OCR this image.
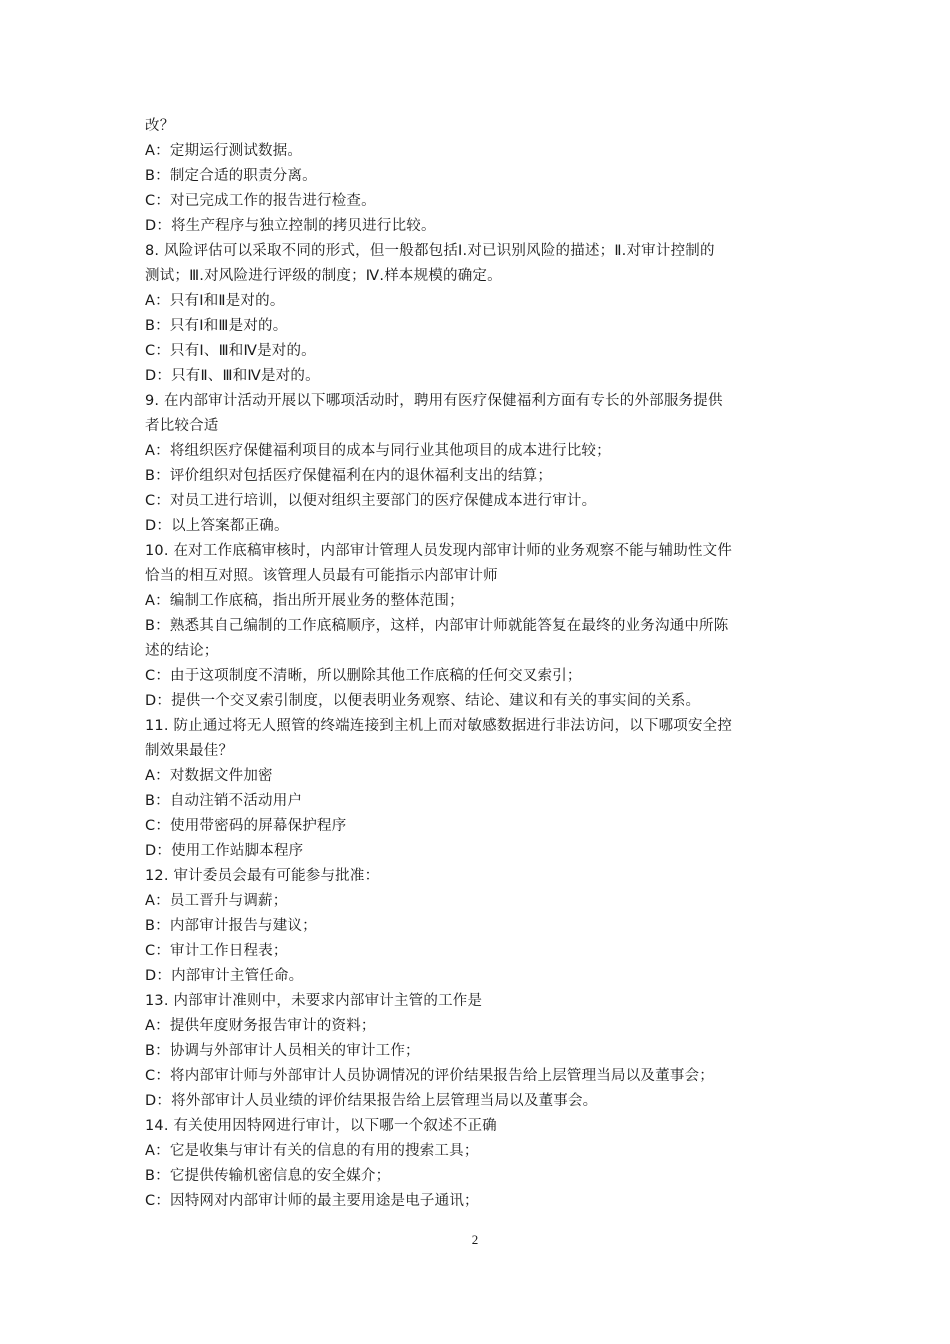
改？
A：定期运行测试数据。
B：制定合适的职责分离。
C：对已完成工作的报告进行检查。
D：将生产程序与独立控制的拷贝进行比较。
8. 风险评估可以采取不同的形式，但一般都包括Ⅰ.对已识别风险的描述；Ⅱ.对审计控制的
测试；Ⅲ.对风险进行评级的制度；Ⅳ.样本规模的确定。
A：只有Ⅰ和Ⅱ是对的。
B：只有Ⅰ和Ⅲ是对的。
C：只有Ⅰ、Ⅲ和Ⅳ是对的。
D：只有Ⅱ、Ⅲ和Ⅳ是对的。
9. 在内部审计活动开展以下哪项活动时，聘用有医疗保健福利方面有专长的外部服务提供
者比较合适
A：将组织医疗保健福利项目的成本与同行业其他项目的成本进行比较；
B：评价组织对包括医疗保健福利在内的退休福利支出的结算；
C：对员工进行培训，以便对组织主要部门的医疗保健成本进行审计。
D：以上答案都正确。
10. 在对工作底稿审核时，内部审计管理人员发现内部审计师的业务观察不能与辅助性文件
恰当的相互对照。该管理人员最有可能指示内部审计师
A：编制工作底稿，指出所开展业务的整体范围；
B：熟悉其自己编制的工作底稿顺序，这样，内部审计师就能答复在最终的业务沟通中所陈
述的结论；
C：由于这项制度不清晰，所以删除其他工作底稿的任何交叉索引；
D：提供一个交叉索引制度，以便表明业务观察、结论、建议和有关的事实间的关系。
11. 防止通过将无人照管的终端连接到主机上而对敏感数据进行非法访问，以下哪项安全控
制效果最佳？
A：对数据文件加密
B：自动注销不活动用户
C：使用带密码的屏幕保护程序
D：使用工作站脚本程序
12. 审计委员会最有可能参与批准：
A：员工晋升与调薪；
B：内部审计报告与建议；
C：审计工作日程表；
D：内部审计主管任命。
13. 内部审计准则中，未要求内部审计主管的工作是
A：提供年度财务报告审计的资料；
B：协调与外部审计人员相关的审计工作；
C：将内部审计师与外部审计人员协调情况的评价结果报告给上层管理当局以及董事会；
D：将外部审计人员业绩的评价结果报告给上层管理当局以及董事会。
14. 有关使用因特网进行审计，以下哪一个叙述不正确
A：它是收集与审计有关的信息的有用的搜索工具；
B：它提供传输机密信息的安全媒介；
C：因特网对内部审计师的最主要用途是电子通讯；
2
